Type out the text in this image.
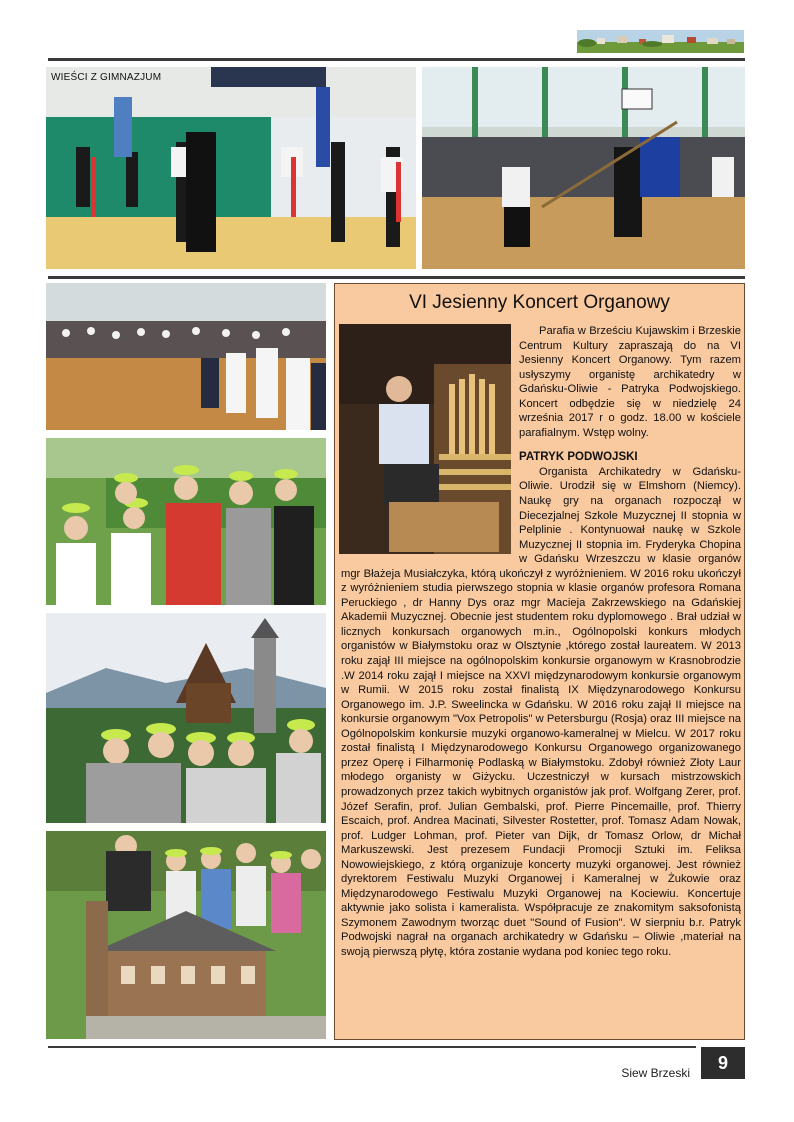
WIEŚCI Z GIMNAZJUM
VI Jesienny Koncert Organowy

Parafia w Brześciu Kujawskim i Brzeskie Centrum Kultury zapraszają do na VI Jesienny Koncert Organowy. Tym razem usłyszymy organistę archikatedry w Gdańsku-Oliwie - Patryka Podwojskiego. Koncert odbędzie się w niedzielę 24 września 2017 r o godz. 18.00 w kościele parafialnym. Wstęp wolny.

PATRYK PODWOJSKI

Organista Archikatedry w Gdańsku- Oliwie. Urodził się w Elmshorn (Niemcy). Naukę gry na organach rozpoczął w Diecezjalnej Szkole Muzycznej II stopnia w Pelplinie . Kontynuował naukę w Szkole Muzycznej II stopnia im. Fryderyka Chopina w Gdańsku Wrzeszczu w klasie organów mgr Błażeja Musiałczyka, którą ukończył z wyróżnieniem. W 2016 roku ukończył z wyróżnieniem studia pierwszego stopnia w klasie organów profesora Romana Peruckiego , dr Hanny Dys oraz mgr Macieja Zakrzewskiego na Gdańskiej Akademii Muzycznej. Obecnie jest studentem roku dyplomowego . Brał udział w licznych konkursach organowych m.in., Ogólnopolski konkurs młodych organistów w Białymstoku oraz w Olsztynie ,którego został laureatem. W 2013 roku zajął III miejsce na ogólnopolskim konkursie organowym w Krasnobrodzie .W 2014 roku zajął I miejsce na XXVI międzynarodowym konkursie organowym w Rumii. W 2015 roku został finalistą IX Międzynarodowego Konkursu Organowego im. J.P. Sweelincka w Gdańsku. W 2016 roku zajął II miejsce na konkursie organowym "Vox Petropolis" w Petersburgu (Rosja) oraz III miejsce na Ogólnopolskim konkursie muzyki organowo-kameralnej w Mielcu. W 2017 roku został finalistą I Międzynarodowego Konkursu Organowego organizowanego przez Operę i Filharmonię Podlaską w Białymstoku. Zdobył również Złoty Laur młodego organisty w Giżycku. Uczestniczył w kursach mistrzowskich prowadzonych przez takich wybitnych organistów jak prof. Wolfgang Zerer, prof. Józef Serafin, prof. Julian Gembalski, prof. Pierre Pincemaille, prof. Thierry Escaich, prof. Andrea Macinati, Silvester Rostetter, prof. Tomasz Adam Nowak, prof. Ludger Lohman, prof. Pieter van Dijk, dr Tomasz Orlow, dr Michał Markuszewski. Jest prezesem Fundacji Promocji Sztuki im. Feliksa Nowowiejskiego, z którą organizuje koncerty muzyki organowej. Jest również dyrektorem Festiwalu Muzyki Organowej i Kameralnej w Żukowie oraz Międzynarodowego Festiwalu Muzyki Organowej na Kociewiu. Koncertuje aktywnie jako solista i kameralista. Współpracuje ze znakomitym saksofonistą Szymonem Zawodnym tworząc duet "Sound of Fusion". W sierpniu b.r. Patryk Podwojski nagrał na organach archikatedry w Gdańsku – Oliwie ,materiał na swoją pierwszą płytę, która zostanie wydana pod koniec tego roku.

Siew Brzeski	9
